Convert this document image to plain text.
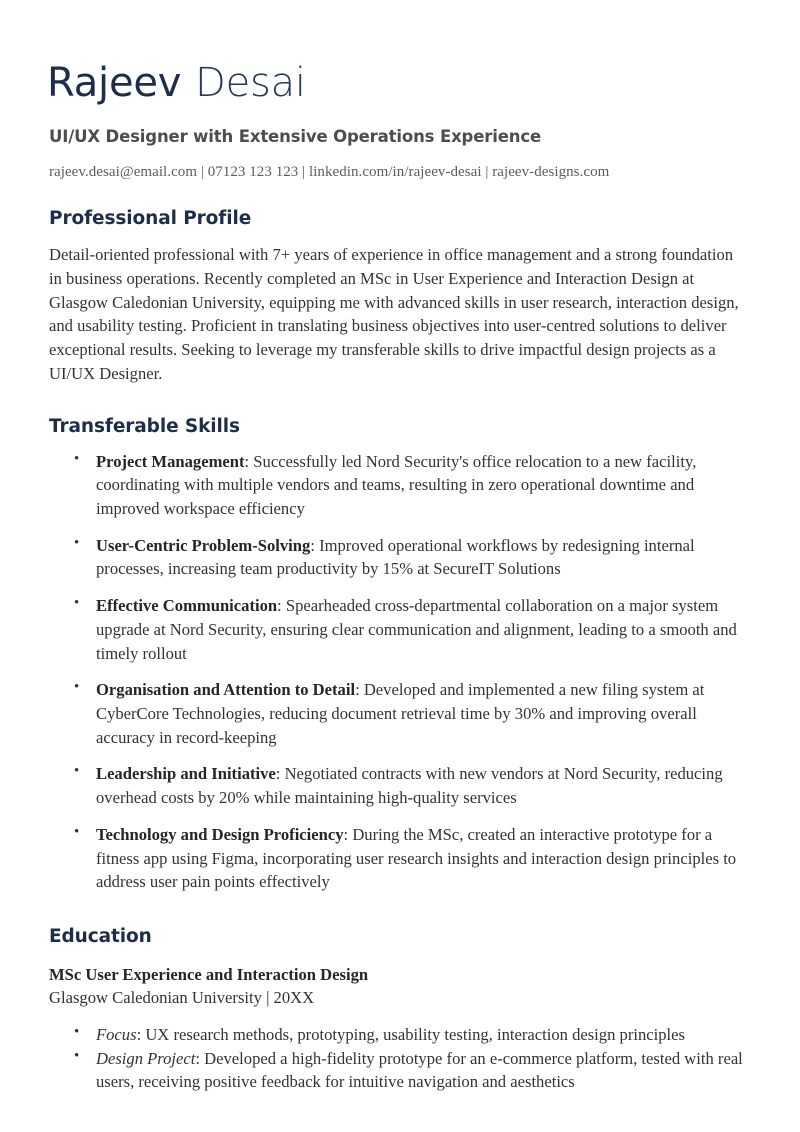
Rajeev Desai
UI/UX Designer with Extensive Operations Experience
rajeev.desai@email.com | 07123 123 123 | linkedin.com/in/rajeev-desai | rajeev-designs.com
Professional Profile

Detail-oriented professional with 7+ years of experience in office management and a strong foundation in business operations. Recently completed an MSc in User Experience and Interaction Design at Glasgow Caledonian University, equipping me with advanced skills in user research, interaction design, and usability testing. Proficient in translating business objectives into user-centred solutions to deliver exceptional results. Seeking to leverage my transferable skills to drive impactful design projects as a UI/UX Designer.

Transferable Skills
• Project Management: Successfully led Nord Security's office relocation to a new facility, coordinating with multiple vendors and teams, resulting in zero operational downtime and improved workspace efficiency
• User-Centric Problem-Solving: Improved operational workflows by redesigning internal processes, increasing team productivity by 15% at SecureIT Solutions
• Effective Communication: Spearheaded cross-departmental collaboration on a major system upgrade at Nord Security, ensuring clear communication and alignment, leading to a smooth and timely rollout
• Organisation and Attention to Detail: Developed and implemented a new filing system at CyberCore Technologies, reducing document retrieval time by 30% and improving overall accuracy in record-keeping
• Leadership and Initiative: Negotiated contracts with new vendors at Nord Security, reducing overhead costs by 20% while maintaining high-quality services
• Technology and Design Proficiency: During the MSc, created an interactive prototype for a fitness app using Figma, incorporating user research insights and interaction design principles to address user pain points effectively
Education
MSc User Experience and Interaction Design
Glasgow Caledonian University | 20XX
• Focus: UX research methods, prototyping, usability testing, interaction design principles
• Design Project: Developed a high-fidelity prototype for an e-commerce platform, tested with real users, receiving positive feedback for intuitive navigation and aesthetics
